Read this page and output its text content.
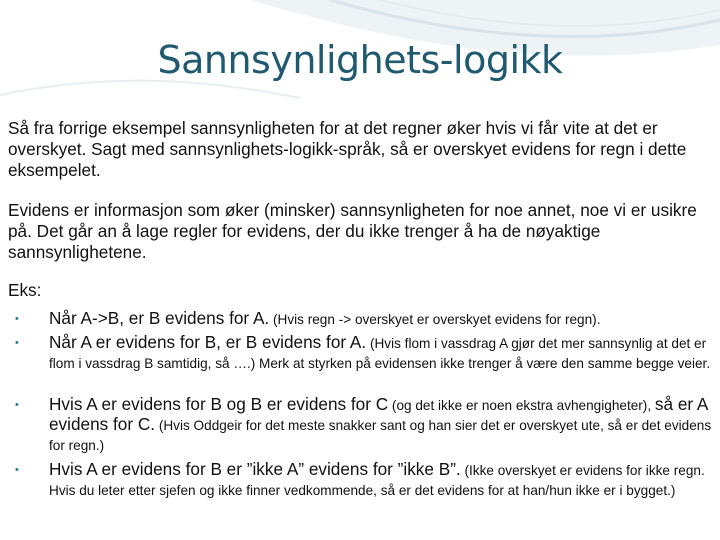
Sannsynlighets-logikk

Så fra forrige eksempel sannsynligheten for at det regner øker hvis vi får vite at det er overskyet. Sagt med sannsynlighets-logikk-språk, så er overskyet evidens for regn i dette eksempelet.

Evidens er informasjon som øker (minsker) sannsynligheten for noe annet, noe vi er usikre på. Det går an å lage regler for evidens, der du ikke trenger å ha de nøyaktige sannsynlighetene.

Eks:

• Når A->B, er B evidens for A. (Hvis regn -> overskyet er overskyet evidens for regn).

• Når A er evidens for B, er B evidens for A. (Hvis flom i vassdrag A gjør det mer sannsynlig at det er flom i vassdrag B samtidig, så ….) Merk at styrken på evidensen ikke trenger å være den samme begge veier.

• Hvis A er evidens for B og B er evidens for C (og det ikke er noen ekstra avhengigheter), så er A evidens for C. (Hvis Oddgeir for det meste snakker sant og han sier det er overskyet ute, så er det evidens for regn.)

• Hvis A er evidens for B er ”ikke A” evidens for ”ikke B”. (Ikke overskyet er evidens for ikke regn. Hvis du leter etter sjefen og ikke finner vedkommende, så er det evidens for at han/hun ikke er i bygget.)
